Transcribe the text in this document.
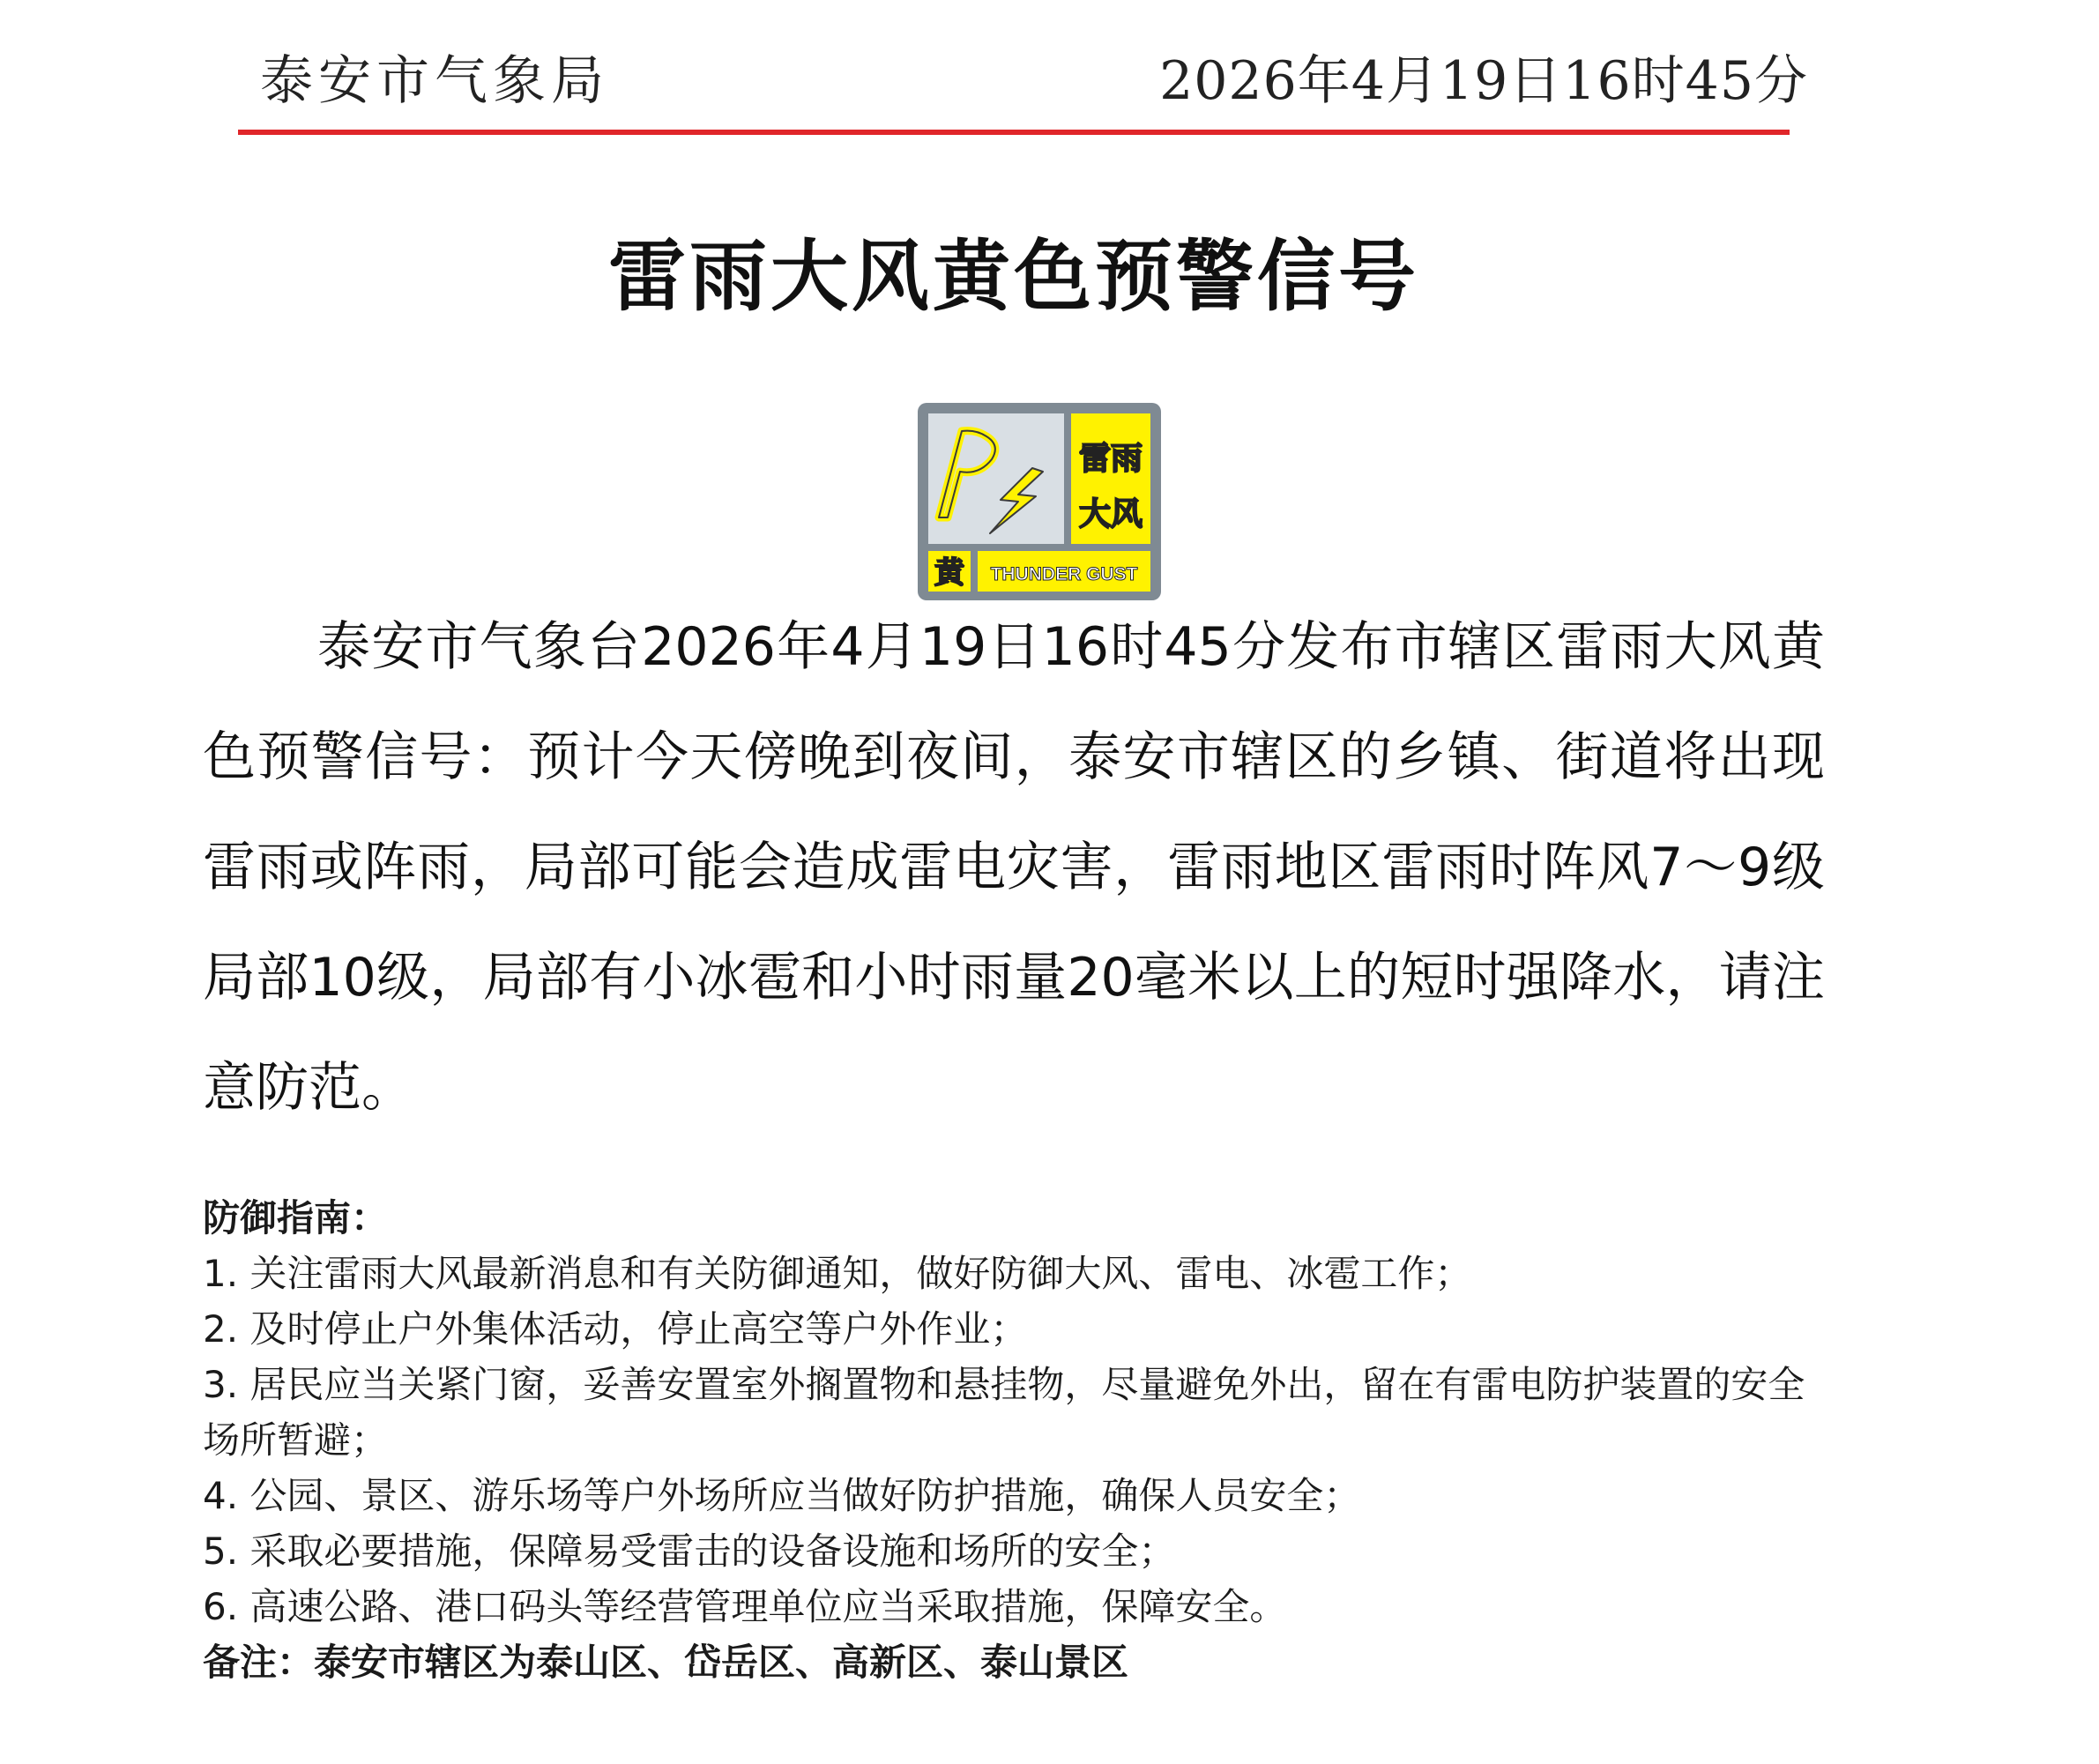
泰安市气象局	2026年4月19日16时45分
雷雨大风黄色预警信号
雷雨
大风
黄 THUNDER GUST

泰安市气象台2026年4月19日16时45分发布市辖区雷雨大风黄色预警信号：预计今天傍晚到夜间，泰安市辖区的乡镇、街道将出现雷雨或阵雨，局部可能会造成雷电灾害，雷雨地区雷雨时阵风7～9级局部10级，局部有小冰雹和小时雨量20毫米以上的短时强降水，请注意防范。

防御指南：
1. 关注雷雨大风最新消息和有关防御通知，做好防御大风、雷电、冰雹工作；
2. 及时停止户外集体活动，停止高空等户外作业；
3. 居民应当关紧门窗，妥善安置室外搁置物和悬挂物，尽量避免外出，留在有雷电防护装置的安全场所暂避；
4. 公园、景区、游乐场等户外场所应当做好防护措施，确保人员安全；
5. 采取必要措施，保障易受雷击的设备设施和场所的安全；
6. 高速公路、港口码头等经营管理单位应当采取措施，保障安全。
备注：泰安市辖区为泰山区、岱岳区、高新区、泰山景区
